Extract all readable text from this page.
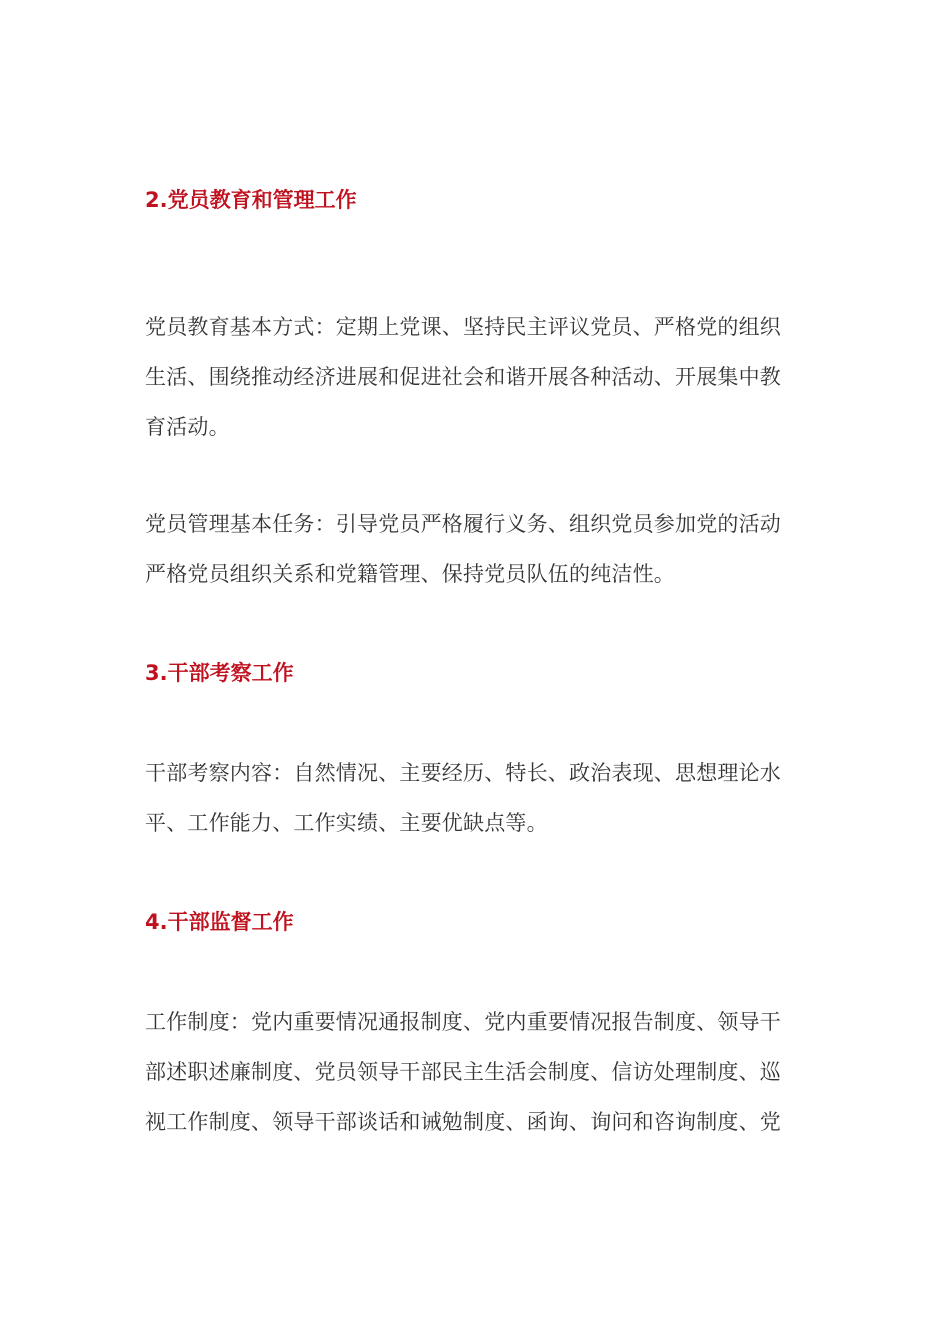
2.党员教育和管理工作
党员教育基本方式：定期上党课、坚持民主评议党员、严格党的组织
生活、围绕推动经济进展和促进社会和谐开展各种活动、开展集中教
育活动。
党员管理基本任务：引导党员严格履行义务、组织党员参加党的活动
严格党员组织关系和党籍管理、保持党员队伍的纯洁性。
3.干部考察工作
干部考察内容：自然情况、主要经历、特长、政治表现、思想理论水
平、工作能力、工作实绩、主要优缺点等。
4.干部监督工作
工作制度：党内重要情况通报制度、党内重要情况报告制度、领导干
部述职述廉制度、党员领导干部民主生活会制度、信访处理制度、巡
视工作制度、领导干部谈话和诫勉制度、函询、询问和咨询制度、党
